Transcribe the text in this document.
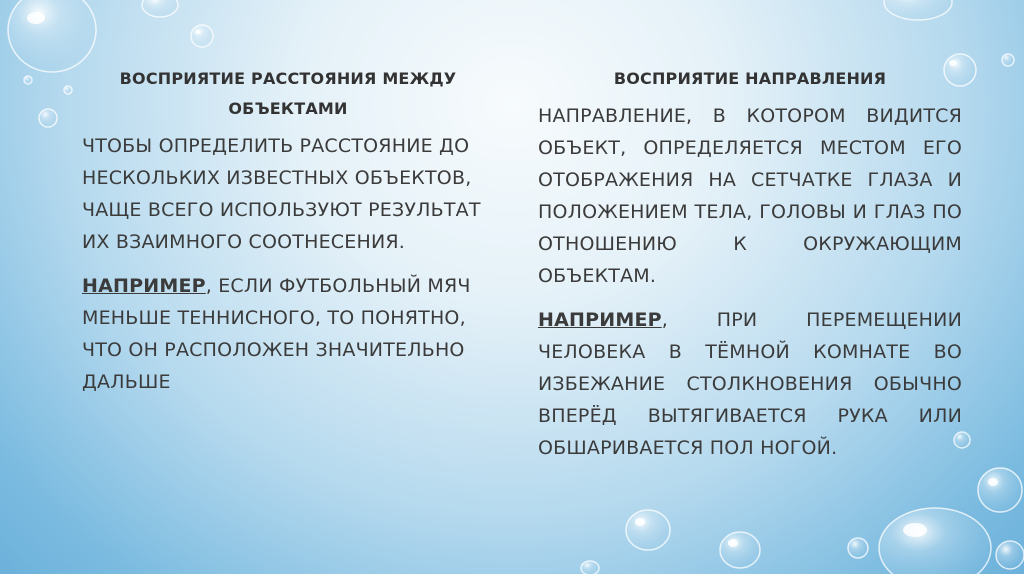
ВОСПРИЯТИЕ РАССТОЯНИЯ МЕЖДУ ОБЪЕКТАМИ
ЧТОБЫ ОПРЕДЕЛИТЬ РАССТОЯНИЕ ДО НЕСКОЛЬКИХ ИЗВЕСТНЫХ ОБЪЕКТОВ, ЧАЩЕ ВСЕГО ИСПОЛЬЗУЮТ РЕЗУЛЬТАТ ИХ ВЗАИМНОГО СООТНЕСЕНИЯ.
НАПРИМЕР, ЕСЛИ ФУТБОЛЬНЫЙ МЯЧ МЕНЬШЕ ТЕННИСНОГО, ТО ПОНЯТНО, ЧТО ОН РАСПОЛОЖЕН ЗНАЧИТЕЛЬНО ДАЛЬШЕ
ВОСПРИЯТИЕ НАПРАВЛЕНИЯ
НАПРАВЛЕНИЕ, В КОТОРОМ ВИДИТСЯ ОБЪЕКТ, ОПРЕДЕЛЯЕТСЯ МЕСТОМ ЕГО ОТОБРАЖЕНИЯ НА СЕТЧАТКЕ ГЛАЗА И ПОЛОЖЕНИЕМ ТЕЛА, ГОЛОВЫ И ГЛАЗ ПО ОТНОШЕНИЮ К ОКРУЖАЮЩИМ ОБЪЕКТАМ.
НАПРИМЕР, ПРИ ПЕРЕМЕЩЕНИИ ЧЕЛОВЕКА В ТЁМНОЙ КОМНАТЕ ВО ИЗБЕЖАНИЕ СТОЛКНОВЕНИЯ ОБЫЧНО ВПЕРЁД ВЫТЯГИВАЕТСЯ РУКА ИЛИ ОБШАРИВАЕТСЯ ПОЛ НОГОЙ.
